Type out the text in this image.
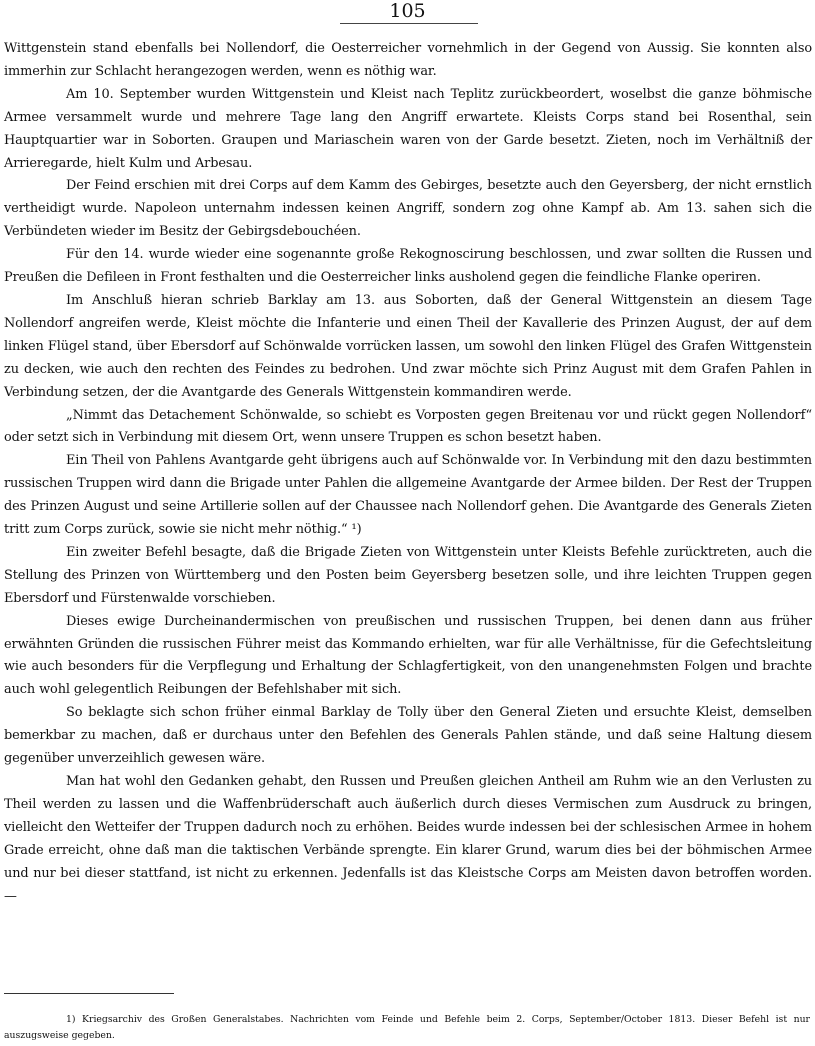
105

Wittgenstein stand ebenfalls bei Nollendorf, die Oesterreicher vornehmlich in der Gegend von Aussig. Sie konnten also immerhin zur Schlacht herangezogen werden, wenn es nöthig war.

Am 10. September wurden Wittgenstein und Kleist nach Teplitz zurückbeordert, woselbst die ganze böhmische Armee versammelt wurde und mehrere Tage lang den Angriff erwartete. Kleists Corps stand bei Rosenthal, sein Hauptquartier war in Soborten. Graupen und Mariaschein waren von der Garde besetzt. Zieten, noch im Verhältniß der Arrieregarde, hielt Kulm und Arbesau.

Der Feind erschien mit drei Corps auf dem Kamm des Gebirges, besetzte auch den Geyersberg, der nicht ernstlich vertheidigt wurde. Napoleon unternahm indessen keinen Angriff, sondern zog ohne Kampf ab. Am 13. sahen sich die Verbündeten wieder im Besitz der Gebirgsdebouchéen.

Für den 14. wurde wieder eine sogenannte große Rekognoscirung beschlossen, und zwar sollten die Russen und Preußen die Defileen in Front festhalten und die Oesterreicher links ausholend gegen die feindliche Flanke operiren.

Im Anschluß hieran schrieb Barklay am 13. aus Soborten, daß der General Wittgenstein an diesem Tage Nollendorf angreifen werde, Kleist möchte die Infanterie und einen Theil der Kavallerie des Prinzen August, der auf dem linken Flügel stand, über Ebersdorf auf Schönwalde vorrücken lassen, um sowohl den linken Flügel des Grafen Wittgenstein zu decken, wie auch den rechten des Feindes zu bedrohen. Und zwar möchte sich Prinz August mit dem Grafen Pahlen in Verbindung setzen, der die Avantgarde des Generals Wittgenstein kommandiren werde.

„Nimmt das Detachement Schönwalde, so schiebt es Vorposten gegen Breitenau vor und rückt gegen Nollendorf“ oder setzt sich in Verbindung mit diesem Ort, wenn unsere Truppen es schon besetzt haben.

Ein Theil von Pahlens Avantgarde geht übrigens auch auf Schönwalde vor. In Verbindung mit den dazu bestimmten russischen Truppen wird dann die Brigade unter Pahlen die allgemeine Avantgarde der Armee bilden. Der Rest der Truppen des Prinzen August und seine Artillerie sollen auf der Chaussee nach Nollendorf gehen. Die Avantgarde des Generals Zieten tritt zum Corps zurück, sowie sie nicht mehr nöthig.“ ¹)

Ein zweiter Befehl besagte, daß die Brigade Zieten von Wittgenstein unter Kleists Befehle zurücktreten, auch die Stellung des Prinzen von Württemberg und den Posten beim Geyersberg besetzen solle, und ihre leichten Truppen gegen Ebersdorf und Fürstenwalde vorschieben.

Dieses ewige Durcheinandermischen von preußischen und russischen Truppen, bei denen dann aus früher erwähnten Gründen die russischen Führer meist das Kommando erhielten, war für alle Verhältnisse, für die Gefechtsleitung wie auch besonders für die Verpflegung und Erhaltung der Schlagfertigkeit, von den unangenehmsten Folgen und brachte auch wohl gelegentlich Reibungen der Befehlshaber mit sich.

So beklagte sich schon früher einmal Barklay de Tolly über den General Zieten und ersuchte Kleist, demselben bemerkbar zu machen, daß er durchaus unter den Befehlen des Generals Pahlen stände, und daß seine Haltung diesem gegenüber unverzeihlich gewesen wäre.

Man hat wohl den Gedanken gehabt, den Russen und Preußen gleichen Antheil am Ruhm wie an den Verlusten zu Theil werden zu lassen und die Waffenbrüderschaft auch äußerlich durch dieses Vermischen zum Ausdruck zu bringen, vielleicht den Wetteifer der Truppen dadurch noch zu erhöhen. Beides wurde indessen bei der schlesischen Armee in hohem Grade erreicht, ohne daß man die taktischen Verbände sprengte. Ein klarer Grund, warum dies bei der böhmischen Armee und nur bei dieser stattfand, ist nicht zu erkennen. Jedenfalls ist das Kleistsche Corps am Meisten davon betroffen worden. —

1) Kriegsarchiv des Großen Generalstabes. Nachrichten vom Feinde und Befehle beim 2. Corps, September/October 1813. Dieser Befehl ist nur auszugsweise gegeben.
